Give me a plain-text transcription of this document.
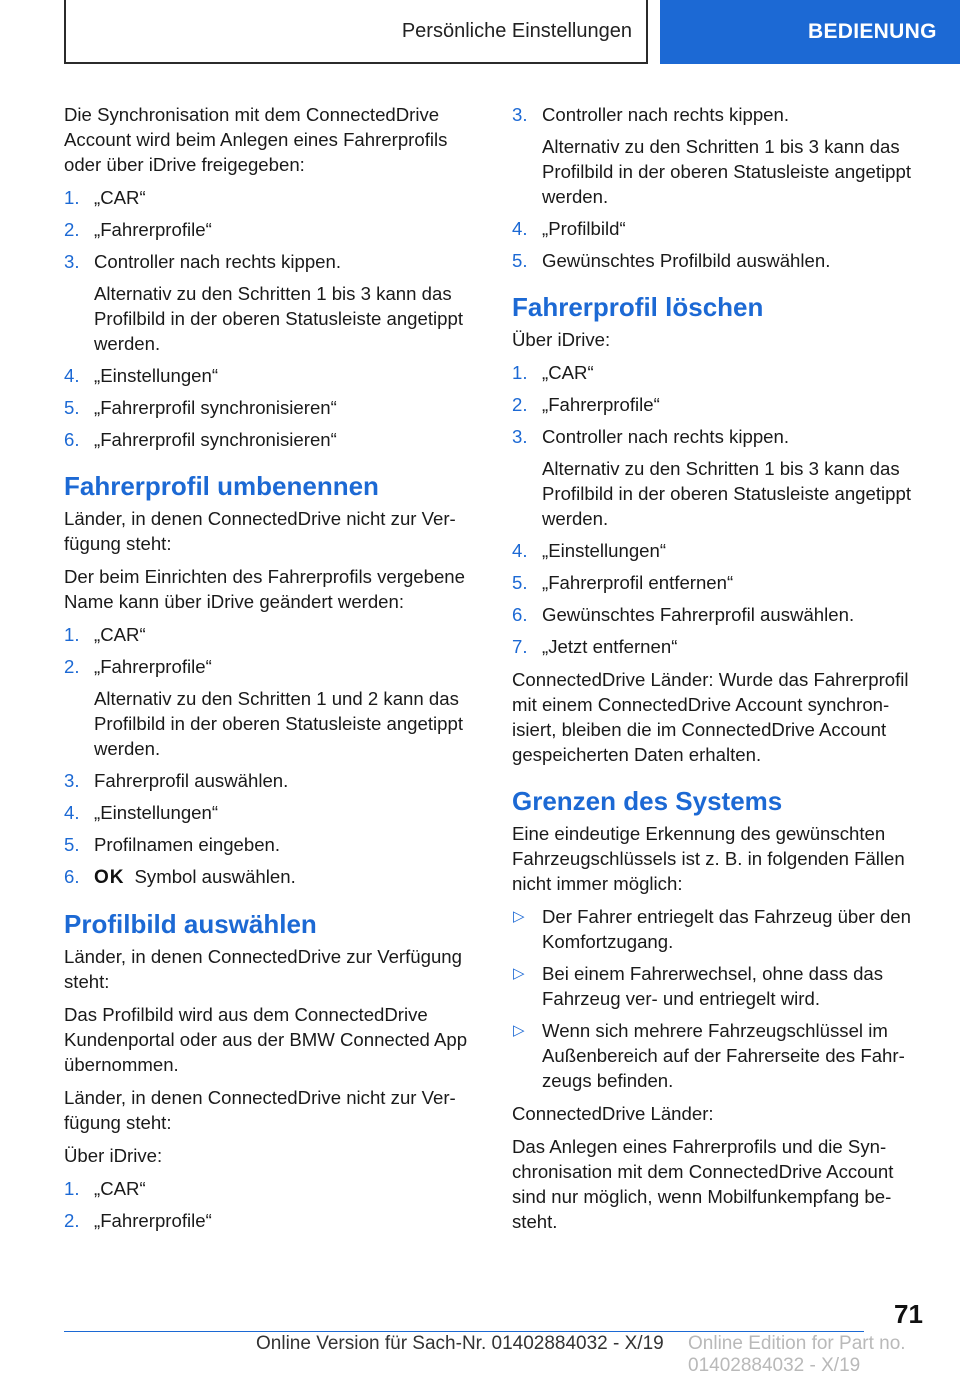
Persönliche Einstellungen	BEDIENUNG

Die Synchronisation mit dem ConnectedDrive Account wird beim Anlegen eines Fahrerprofils oder über iDrive freigegeben:

1. „CAR“
2. „Fahrerprofile“
3. Controller nach rechts kippen.
Alternativ zu den Schritten 1 bis 3 kann das Profilbild in der oberen Statusleiste angetippt werden.
4. „Einstellungen“
5. „Fahrerprofil synchronisieren“
6. „Fahrerprofil synchronisieren“
Fahrerprofil umbenennen

Länder, in denen ConnectedDrive nicht zur Ver-fügung steht:

Der beim Einrichten des Fahrerprofils vergebene Name kann über iDrive geändert werden:

1. „CAR“
2. „Fahrerprofile“
Alternativ zu den Schritten 1 und 2 kann das Profilbild in der oberen Statusleiste angetippt werden.
3. Fahrerprofil auswählen.
4. „Einstellungen“
5. Profilnamen eingeben.
6. OK Symbol auswählen.
Profilbild auswählen

Länder, in denen ConnectedDrive zur Verfügung steht:

Das Profilbild wird aus dem ConnectedDrive Kundenportal oder aus der BMW Connected App übernommen.

Länder, in denen ConnectedDrive nicht zur Ver-fügung steht:

Über iDrive:

1. „CAR“
2. „Fahrerprofile“
3. Controller nach rechts kippen.
Alternativ zu den Schritten 1 bis 3 kann das Profilbild in der oberen Statusleiste angetippt werden.
4. „Profilbild“
5. Gewünschtes Profilbild auswählen.
Fahrerprofil löschen

Über iDrive:

1. „CAR“
2. „Fahrerprofile“
3. Controller nach rechts kippen.
Alternativ zu den Schritten 1 bis 3 kann das Profilbild in der oberen Statusleiste angetippt werden.
4. „Einstellungen“
5. „Fahrerprofil entfernen“
6. Gewünschtes Fahrerprofil auswählen.
7. „Jetzt entfernen“

ConnectedDrive Länder: Wurde das Fahrerprofil mit einem ConnectedDrive Account synchron-isiert, bleiben die im ConnectedDrive Account gespeicherten Daten erhalten.

Grenzen des Systems

Eine eindeutige Erkennung des gewünschten Fahrzeugschlüssels ist z. B. in folgenden Fällen nicht immer möglich:

▷ Der Fahrer entriegelt das Fahrzeug über den Komfortzugang.
▷ Bei einem Fahrerwechsel, ohne dass das Fahrzeug ver- und entriegelt wird.
▷ Wenn sich mehrere Fahrzeugschlüssel im Außenbereich auf der Fahrerseite des Fahr-zeugs befinden.

ConnectedDrive Länder:

Das Anlegen eines Fahrerprofils und die Syn-chronisation mit dem ConnectedDrive Account sind nur möglich, wenn Mobilfunkempfang be-steht.

71
Online Version für Sach-Nr. 01402884032 - X/19 Online Edition for Part no. 01402884032 - X/19
